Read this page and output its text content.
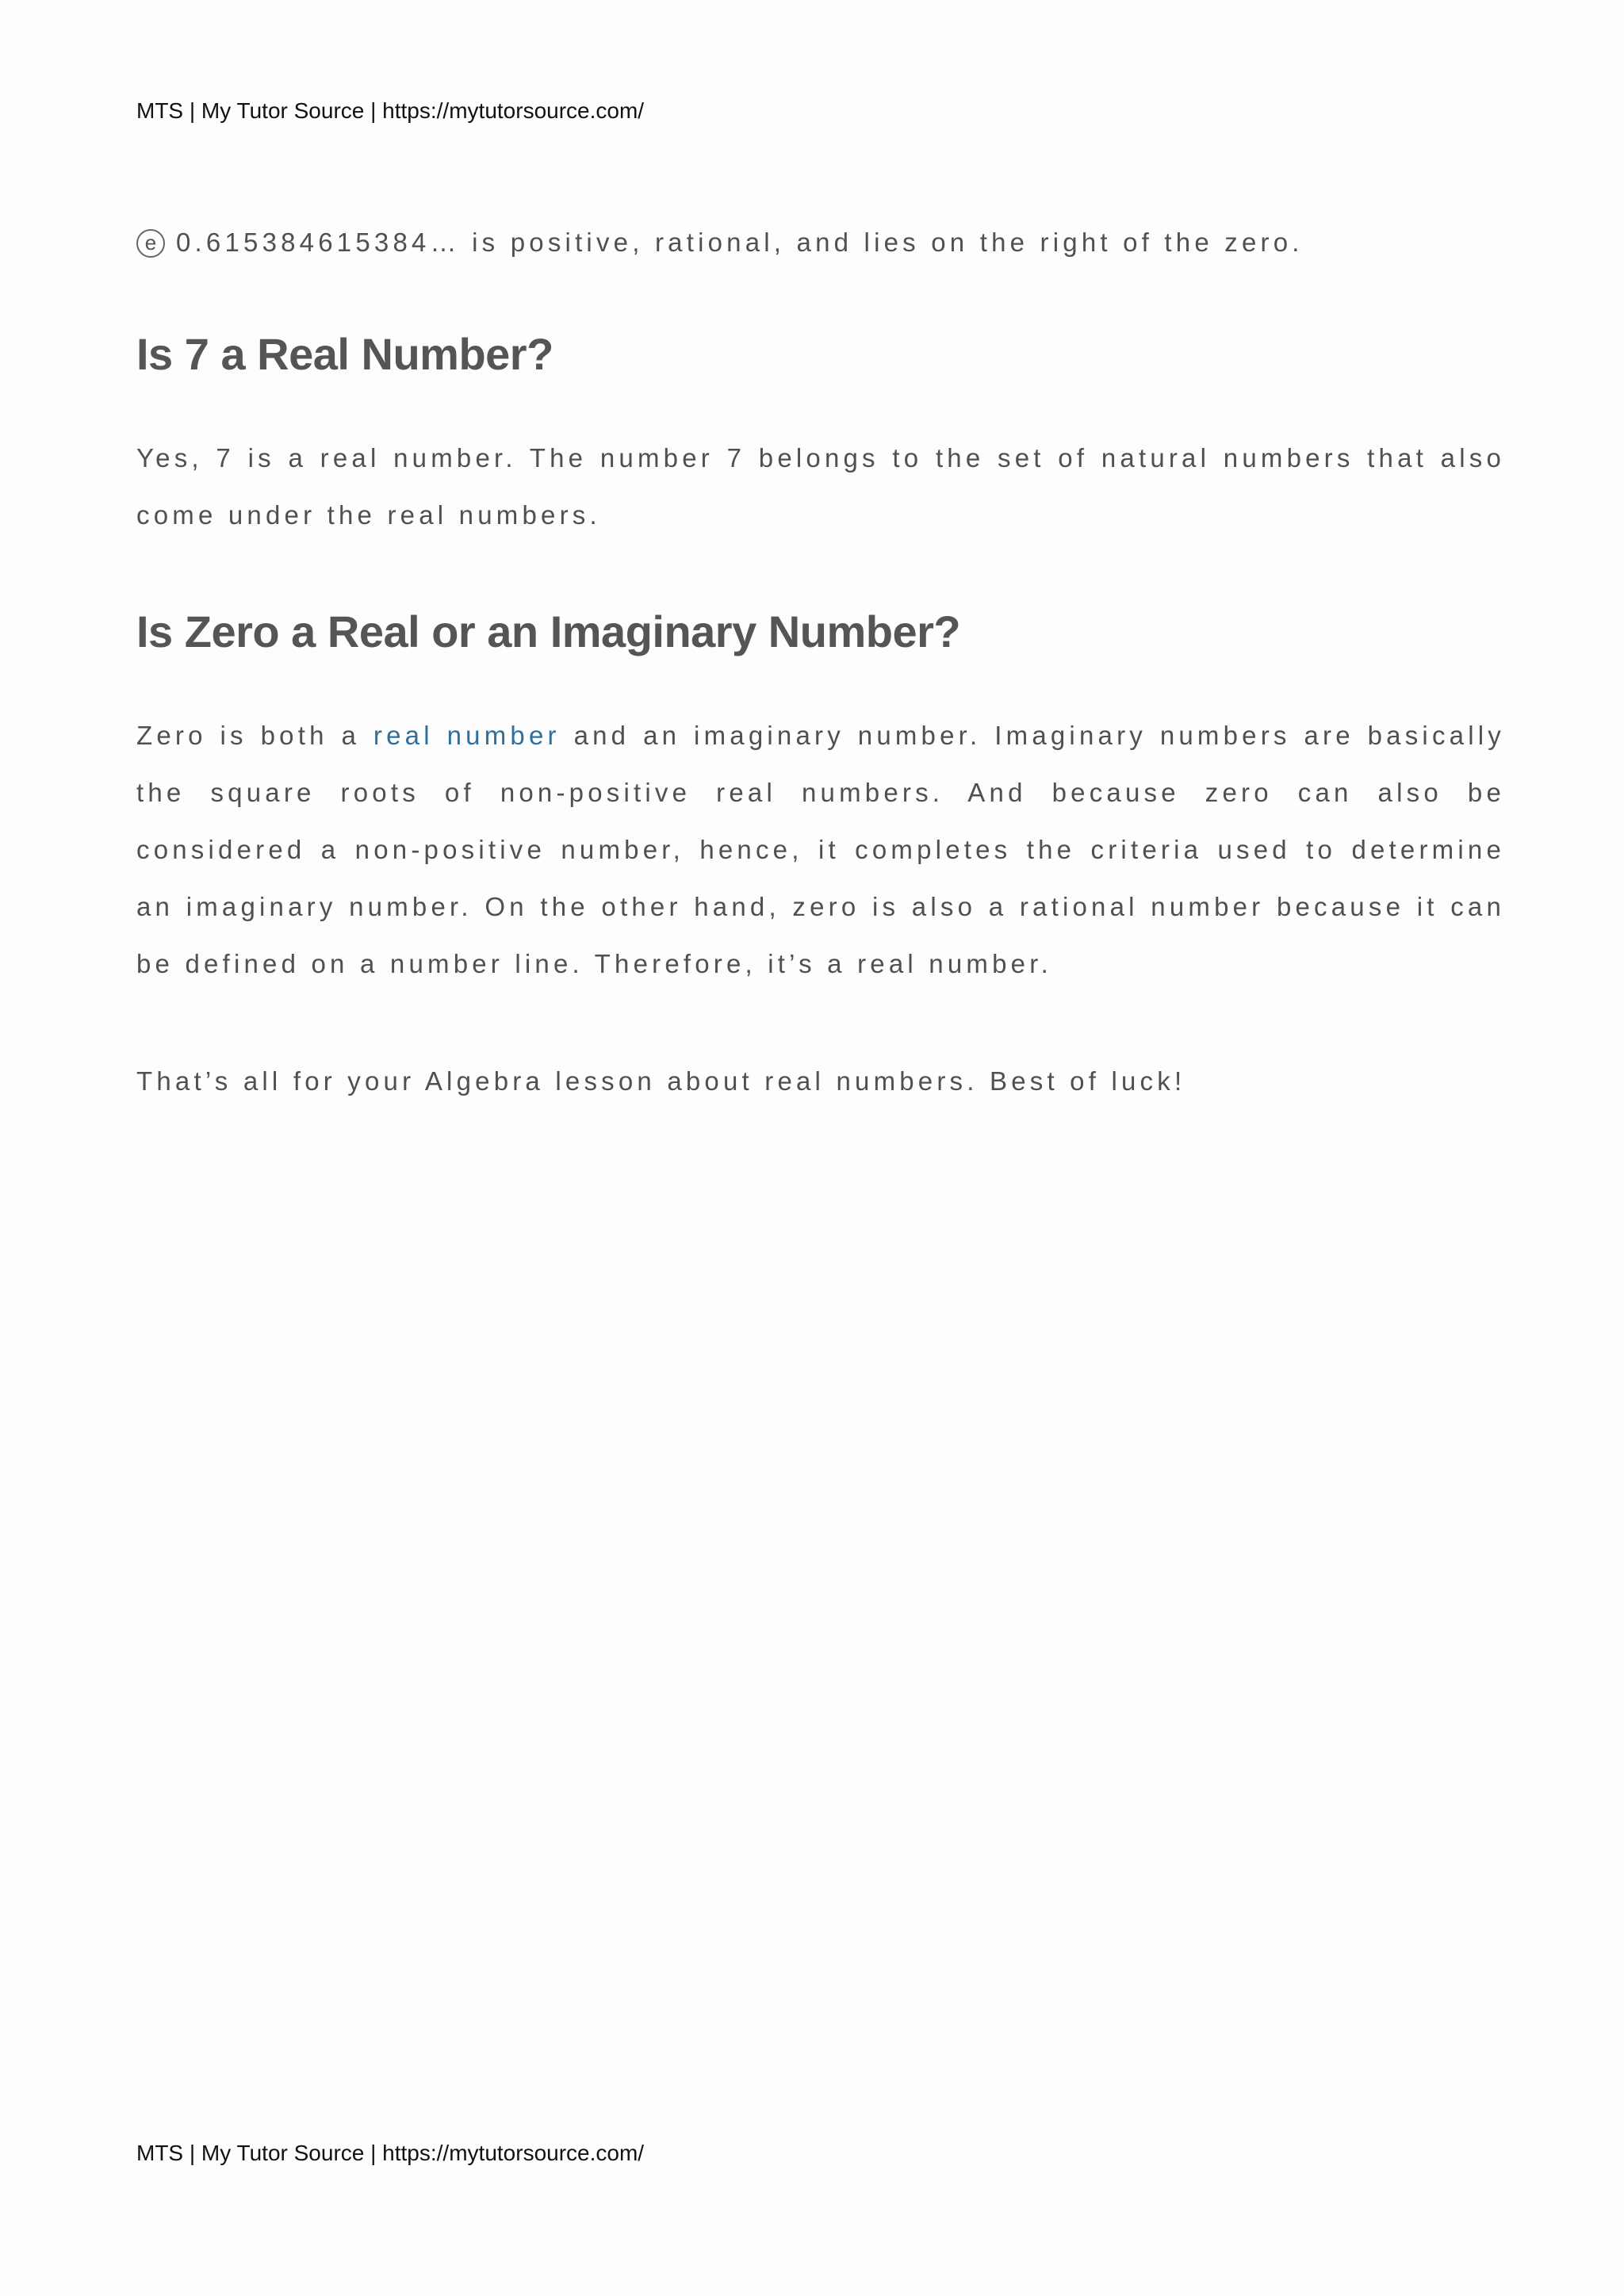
MTS | My Tutor Source | https://mytutorsource.com/

e 0.615384615384… is positive, rational, and lies on the right of the zero.

Is 7 a Real Number?

Yes, 7 is a real number. The number 7 belongs to the set of natural numbers that also come under the real numbers.

Is Zero a Real or an Imaginary Number?

Zero is both a real number and an imaginary number. Imaginary numbers are basically the square roots of non-positive real numbers. And because zero can also be considered a non-positive number, hence, it completes the criteria used to determine an imaginary number. On the other hand, zero is also a rational number because it can be defined on a number line. Therefore, it’s a real number.

That’s all for your Algebra lesson about real numbers. Best of luck!

MTS | My Tutor Source | https://mytutorsource.com/
